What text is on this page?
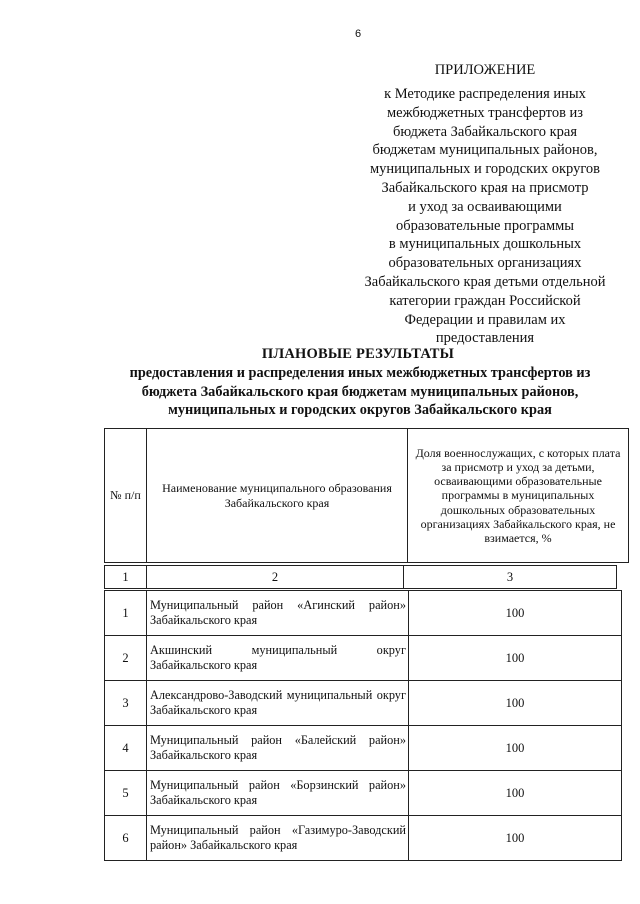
6
ПРИЛОЖЕНИЕ
к Методике распределения иных
межбюджетных трансфертов из
бюджета Забайкальского края
бюджетам муниципальных районов,
муниципальных и городских округов
Забайкальского края на присмотр
и уход за осваивающими
образовательные программы
в муниципальных дошкольных
образовательных организациях
Забайкальского края детьми отдельной
категории граждан Российской
Федерации и правилам их
предоставления
ПЛАНОВЫЕ РЕЗУЛЬТАТЫ
предоставления и распределения иных межбюджетных трансфертов из
бюджета Забайкальского края бюджетам муниципальных районов,
муниципальных и городских округов Забайкальского края
№ п/п	Наименование муниципального образования Забайкальского края	Доля военнослужащих, с которых плата за присмотр и уход за детьми, осваивающими образовательные программы в муниципальных дошкольных образовательных организациях Забайкальского края, не взимается, %
1	2	3
1	Муниципальный район «Агинский район» Забайкальского края	100
2	Акшинский муниципальный округ Забайкальского края	100
3	Александрово-Заводский муниципальный округ Забайкальского края	100
4	Муниципальный район «Балейский район» Забайкальского края	100
5	Муниципальный район «Борзинский район» Забайкальского края	100
6	Муниципальный район «Газимуро-Заводский район» Забайкальского края	100
